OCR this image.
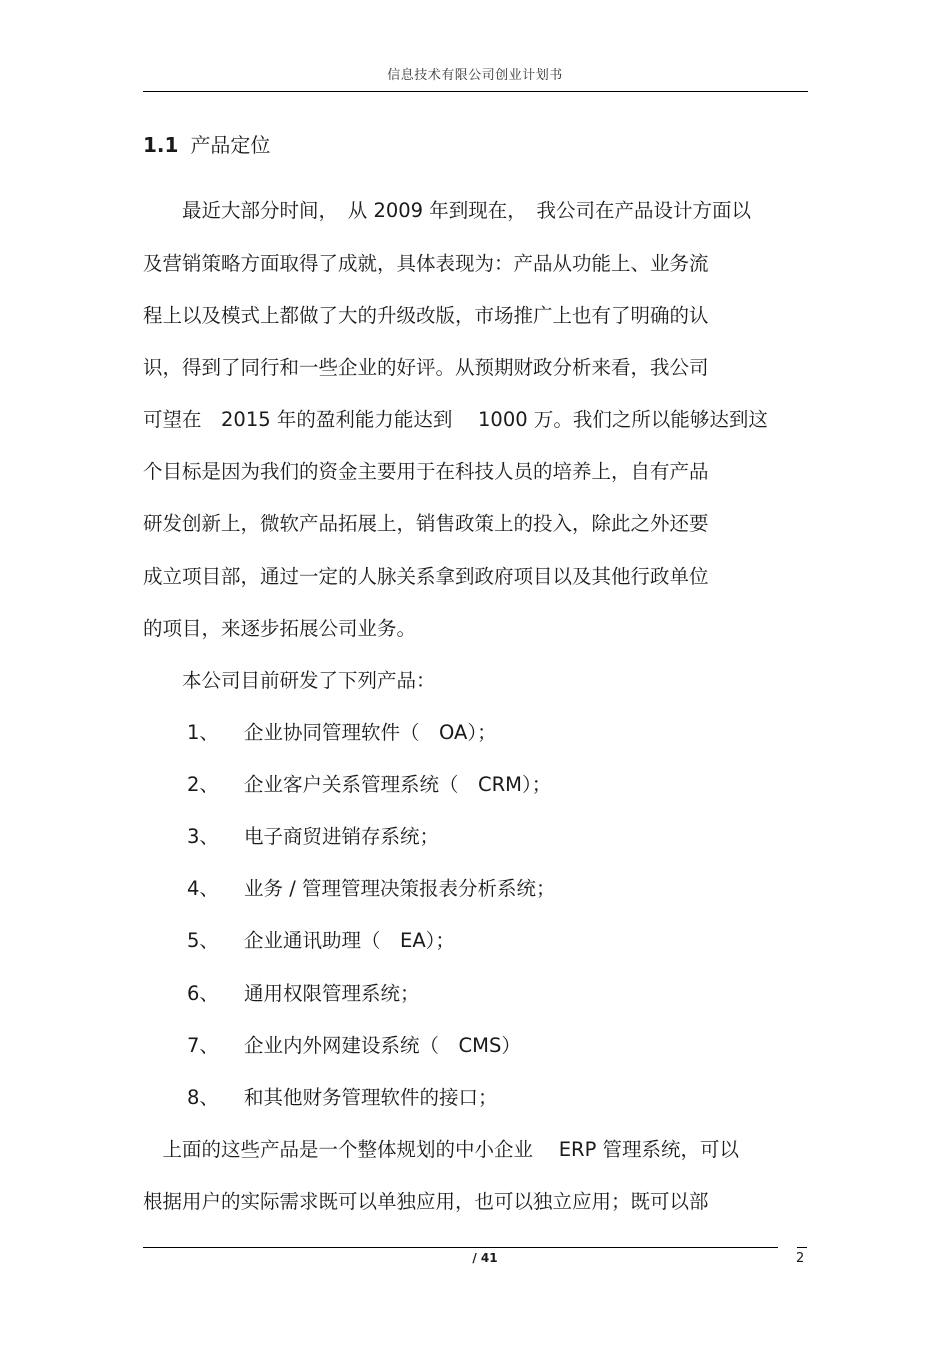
信息技术有限公司创业计划书
1.1 产品定位
　　最近大部分时间，　从 2009 年到现在，　我公司在产品设计方面以
及营销策略方面取得了成就，具体表现为：产品从功能上、业务流
程上以及模式上都做了大的升级改版，市场推广上也有了明确的认
识，得到了同行和一些企业的好评。从预期财政分析来看，我公司
可望在　2015 年的盈利能力能达到　 1000 万。我们之所以能够达到这
个目标是因为我们的资金主要用于在科技人员的培养上，自有产品
研发创新上，微软产品拓展上，销售政策上的投入，除此之外还要
成立项目部，通过一定的人脉关系拿到政府项目以及其他行政单位
的项目，来逐步拓展公司业务。
　　本公司目前研发了下列产品：
1、 企业协同管理软件（　OA）；
2、 企业客户关系管理系统（　CRM）；
3、 电子商贸进销存系统；
4、 业务 / 管理管理决策报表分析系统；
5、 企业通讯助理（　EA）；
6、 通用权限管理系统；
7、 企业内外网建设系统（　CMS）
8、 和其他财务管理软件的接口；
　上面的这些产品是一个整体规划的中小企业　 ERP 管理系统，可以
根据用户的实际需求既可以单独应用，也可以独立应用；既可以部
/ 41	2
